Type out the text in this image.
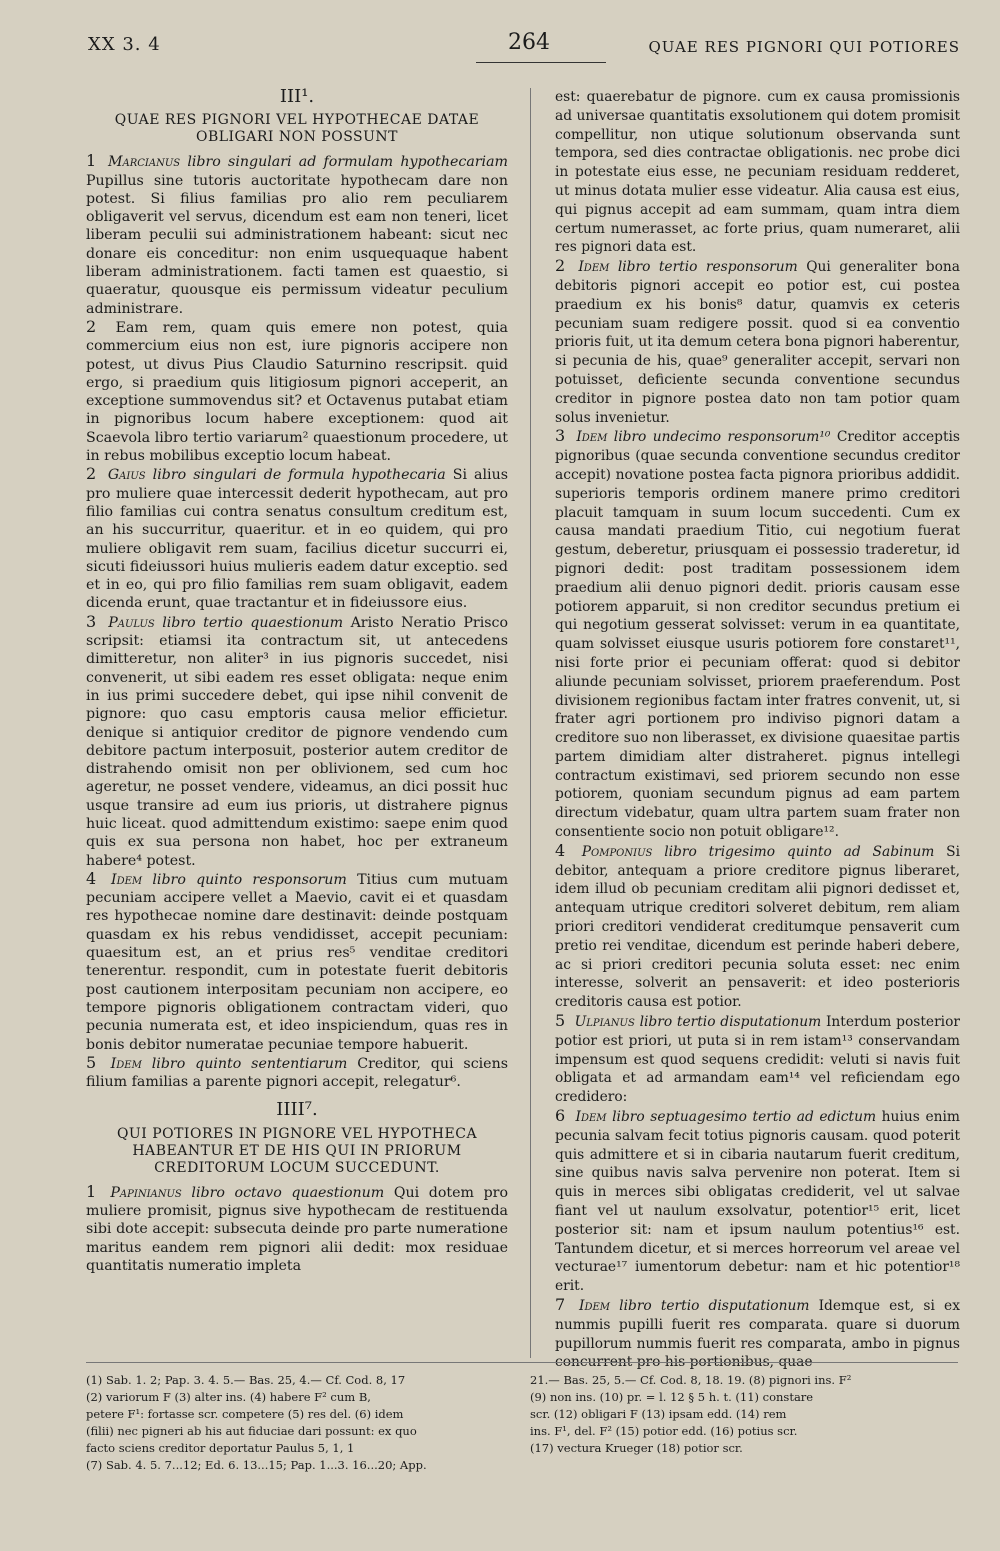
XX 3. 4	264	QUAE RES PIGNORI QUI POTIORES
III¹.
QUAE RES PIGNORI VEL HYPOTHECAE DATAE OBLIGARI NON POSSUNT

1 Marcianus libro singulari ad formulam hypothecariam Pupillus sine tutoris auctoritate hypothecam dare non potest. Si filius familias pro alio rem peculiarem obligaverit vel servus, dicendum est eam non teneri, licet liberam peculii sui administrationem habeant: sicut nec donare eis conceditur: non enim usquequaque habent liberam administrationem. facti tamen est quaestio, si quaeratur, quousque eis permissum videatur peculium administrare.

2 Eam rem, quam quis emere non potest, quia commercium eius non est, iure pignoris accipere non potest, ut divus Pius Claudio Saturnino rescripsit. quid ergo, si praedium quis litigiosum pignori acceperit, an exceptione summovendus sit? et Octavenus putabat etiam in pignoribus locum habere exceptionem: quod ait Scaevola libro tertio variarum² quaestionum procedere, ut in rebus mobilibus exceptio locum habeat.

2 Gaius libro singulari de formula hypothecaria Si alius pro muliere quae intercessit dederit hypothecam, aut pro filio familias cui contra senatus consultum creditum est, an his succurritur, quaeritur. et in eo quidem, qui pro muliere obligavit rem suam, facilius dicetur succurri ei, sicuti fideiussori huius mulieris eadem datur exceptio. sed et in eo, qui pro filio familias rem suam obligavit, eadem dicenda erunt, quae tractantur et in fideiussore eius.

3 Paulus libro tertio quaestionum Aristo Neratio Prisco scripsit: etiamsi ita contractum sit, ut antecedens dimitteretur, non aliter³ in ius pignoris succedet, nisi convenerit, ut sibi eadem res esset obligata: neque enim in ius primi succedere debet, qui ipse nihil convenit de pignore: quo casu emptoris causa melior efficietur. denique si antiquior creditor de pignore vendendo cum debitore pactum interposuit, posterior autem creditor de distrahendo omisit non per oblivionem, sed cum hoc ageretur, ne posset vendere, videamus, an dici possit huc usque transire ad eum ius prioris, ut distrahere pignus huic liceat. quod admittendum existimo: saepe enim quod quis ex sua persona non habet, hoc per extraneum habere⁴ potest.

4 Idem libro quinto responsorum Titius cum mutuam pecuniam accipere vellet a Maevio, cavit ei et quasdam res hypothecae nomine dare destinavit: deinde postquam quasdam ex his rebus vendidisset, accepit pecuniam: quaesitum est, an et prius res⁵ venditae creditori tenerentur. respondit, cum in potestate fuerit debitoris post cautionem interpositam pecuniam non accipere, eo tempore pignoris obligationem contractam videri, quo pecunia numerata est, et ideo inspiciendum, quas res in bonis debitor numeratae pecuniae tempore habuerit.

5 Idem libro quinto sententiarum Creditor, qui sciens filium familias a parente pignori accepit, relegatur⁶.

IIII⁷.
QUI POTIORES IN PIGNORE VEL HYPOTHECA HABEANTUR ET DE HIS QUI IN PRIORUM CREDITORUM LOCUM SUCCEDUNT.

1 Papinianus libro octavo quaestionum Qui dotem pro muliere promisit, pignus sive hypothecam de restituenda sibi dote accepit: subsecuta deinde pro parte numeratione maritus eandem rem pignori alii dedit: mox residuae quantitatis numeratio impleta

est: quaerebatur de pignore. cum ex causa promissionis ad universae quantitatis exsolutionem qui dotem promisit compellitur, non utique solutionum observanda sunt tempora, sed dies contractae obligationis. nec probe dici in potestate eius esse, ne pecuniam residuam redderet, ut minus dotata mulier esse videatur. Alia causa est eius, qui pignus accepit ad eam summam, quam intra diem certum numerasset, ac forte prius, quam numeraret, alii res pignori data est.

2 Idem libro tertio responsorum Qui generaliter bona debitoris pignori accepit eo potior est, cui postea praedium ex his bonis⁸ datur, quamvis ex ceteris pecuniam suam redigere possit. quod si ea conventio prioris fuit, ut ita demum cetera bona pignori haberentur, si pecunia de his, quae⁹ generaliter accepit, servari non potuisset, deficiente secunda conventione secundus creditor in pignore postea dato non tam potior quam solus invenietur.

3 Idem libro undecimo responsorum¹⁰ Creditor acceptis pignoribus (quae secunda conventione secundus creditor accepit) novatione postea facta pignora prioribus addidit. superioris temporis ordinem manere primo creditori placuit tamquam in suum locum succedenti. Cum ex causa mandati praedium Titio, cui negotium fuerat gestum, deberetur, priusquam ei possessio traderetur, id pignori dedit: post traditam possessionem idem praedium alii denuo pignori dedit. prioris causam esse potiorem apparuit, si non creditor secundus pretium ei qui negotium gesserat solvisset: verum in ea quantitate, quam solvisset eiusque usuris potiorem fore constaret¹¹, nisi forte prior ei pecuniam offerat: quod si debitor aliunde pecuniam solvisset, priorem praeferendum. Post divisionem regionibus factam inter fratres convenit, ut, si frater agri portionem pro indiviso pignori datam a creditore suo non liberasset, ex divisione quaesitae partis partem dimidiam alter distraheret. pignus intellegi contractum existimavi, sed priorem secundo non esse potiorem, quoniam secundum pignus ad eam partem directum videbatur, quam ultra partem suam frater non consentiente socio non potuit obligare¹².

4 Pomponius libro trigesimo quinto ad Sabinum Si debitor, antequam a priore creditore pignus liberaret, idem illud ob pecuniam creditam alii pignori dedisset et, antequam utrique creditori solveret debitum, rem aliam priori creditori vendiderat creditumque pensaverit cum pretio rei venditae, dicendum est perinde haberi debere, ac si priori creditori pecunia soluta esset: nec enim interesse, solverit an pensaverit: et ideo posterioris creditoris causa est potior.

5 Ulpianus libro tertio disputationum Interdum posterior potior est priori, ut puta si in rem istam¹³ conservandam impensum est quod sequens credidit: veluti si navis fuit obligata et ad armandam eam¹⁴ vel reficiendam ego credidero:

6 Idem libro septuagesimo tertio ad edictum huius enim pecunia salvam fecit totius pignoris causam. quod poterit quis admittere et si in cibaria nautarum fuerit creditum, sine quibus navis salva pervenire non poterat. Item si quis in merces sibi obligatas crediderit, vel ut salvae fiant vel ut naulum exsolvatur, potentior¹⁵ erit, licet posterior sit: nam et ipsum naulum potentius¹⁶ est. Tantundem dicetur, et si merces horreorum vel areae vel vecturae¹⁷ iumentorum debetur: nam et hic potentior¹⁸ erit.

7 Idem libro tertio disputationum Idemque est, si ex nummis pupilli fuerit res comparata. quare si duorum pupillorum nummis fuerit res comparata, ambo in pignus concurrent pro his portionibus, quae

(1) Sab. 1. 2; Pap. 3. 4. 5.— Bas. 25, 4.— Cf. Cod. 8, 17
(2) variorum F (3) alter ins. (4) habere F² cum B,
petere F¹: fortasse scr. competere (5) res del. (6) idem
(filii) nec pigneri ab his aut fiduciae dari possunt: ex quo
facto sciens creditor deportatur Paulus 5, 1, 1
(7) Sab. 4. 5. 7...12; Ed. 6. 13...15; Pap. 1...3. 16...20; App.
21.— Bas. 25, 5.— Cf. Cod. 8, 18. 19. (8) pignori ins. F²
(9) non ins. (10) pr. = l. 12 § 5 h. t. (11) constare
scr. (12) obligari F (13) ipsam edd. (14) rem
ins. F¹, del. F² (15) potior edd. (16) potius scr.
(17) vectura Krueger (18) potior scr.
